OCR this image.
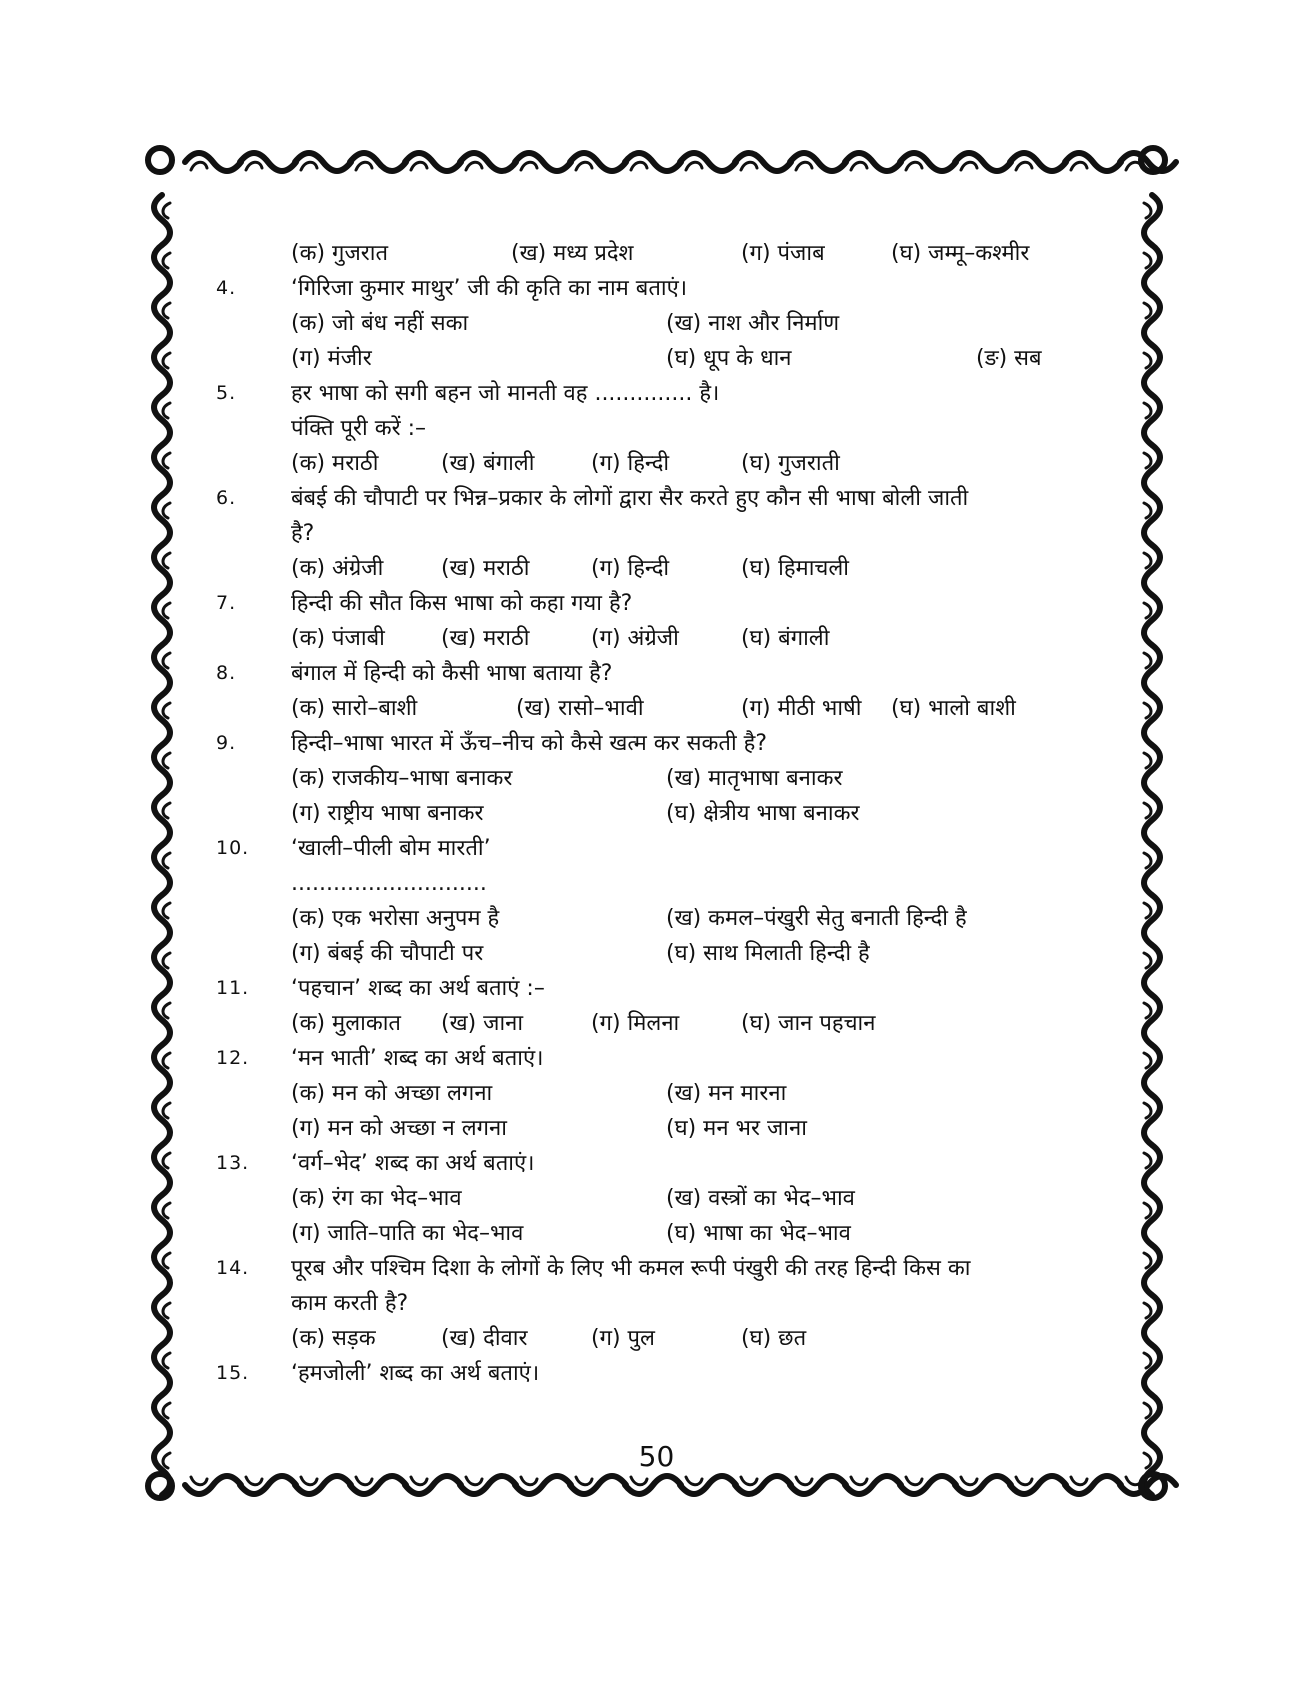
(क) गुजरात	(ख) मध्य प्रदेश	(ग) पंजाब	(घ) जम्मू–कश्मीर
4. ‘गिरिजा कुमार माथुर’ जी की कृति का नाम बताएं।
(क) जो बंध नहीं सका	(ख) नाश और निर्माण
(ग) मंजीर	(घ) धूप के धान	(ङ) सब
5. हर भाषा को सगी बहन जो मानती वह .............. है।
पंक्ति पूरी करें :–
(क) मराठी	(ख) बंगाली	(ग) हिन्दी	(घ) गुजराती
6. बंबई की चौपाटी पर भिन्न–प्रकार के लोगों द्वारा सैर करते हुए कौन सी भाषा बोली जाती
है?
(क) अंग्रेजी	(ख) मराठी	(ग) हिन्दी	(घ) हिमाचली
7. हिन्दी की सौत किस भाषा को कहा गया है?
(क) पंजाबी	(ख) मराठी	(ग) अंग्रेजी	(घ) बंगाली
8. बंगाल में हिन्दी को कैसी भाषा बताया है?
(क) सारो–बाशी	(ख) रासो–भावी	(ग) मीठी भाषी (घ) भालो बाशी
9. हिन्दी–भाषा भारत में ऊँच–नीच को कैसे खत्म कर सकती है?
(क) राजकीय–भाषा बनाकर	(ख) मातृभाषा बनाकर
(ग) राष्ट्रीय भाषा बनाकर	(घ) क्षेत्रीय भाषा बनाकर
10. ‘खाली–पीली बोम मारती’
............................
(क) एक भरोसा अनुपम है	(ख) कमल–पंखुरी सेतु बनाती हिन्दी है
(ग) बंबई की चौपाटी पर	(घ) साथ मिलाती हिन्दी है
11. ‘पहचान’ शब्द का अर्थ बताएं :–
(क) मुलाकात (ख) जाना	(ग) मिलना	(घ) जान पहचान
12. ‘मन भाती’ शब्द का अर्थ बताएं।
(क) मन को अच्छा लगना	(ख) मन मारना
(ग) मन को अच्छा न लगना	(घ) मन भर जाना
13. ‘वर्ग–भेद’ शब्द का अर्थ बताएं।
(क) रंग का भेद–भाव	(ख) वस्त्रों का भेद–भाव
(ग) जाति–पाति का भेद–भाव	(घ) भाषा का भेद–भाव
14. पूरब और पश्चिम दिशा के लोगों के लिए भी कमल रूपी पंखुरी की तरह हिन्दी किस का
काम करती है?
(क) सड़क	(ख) दीवार	(ग) पुल	(घ) छत
15. ‘हमजोली’ शब्द का अर्थ बताएं।
50
